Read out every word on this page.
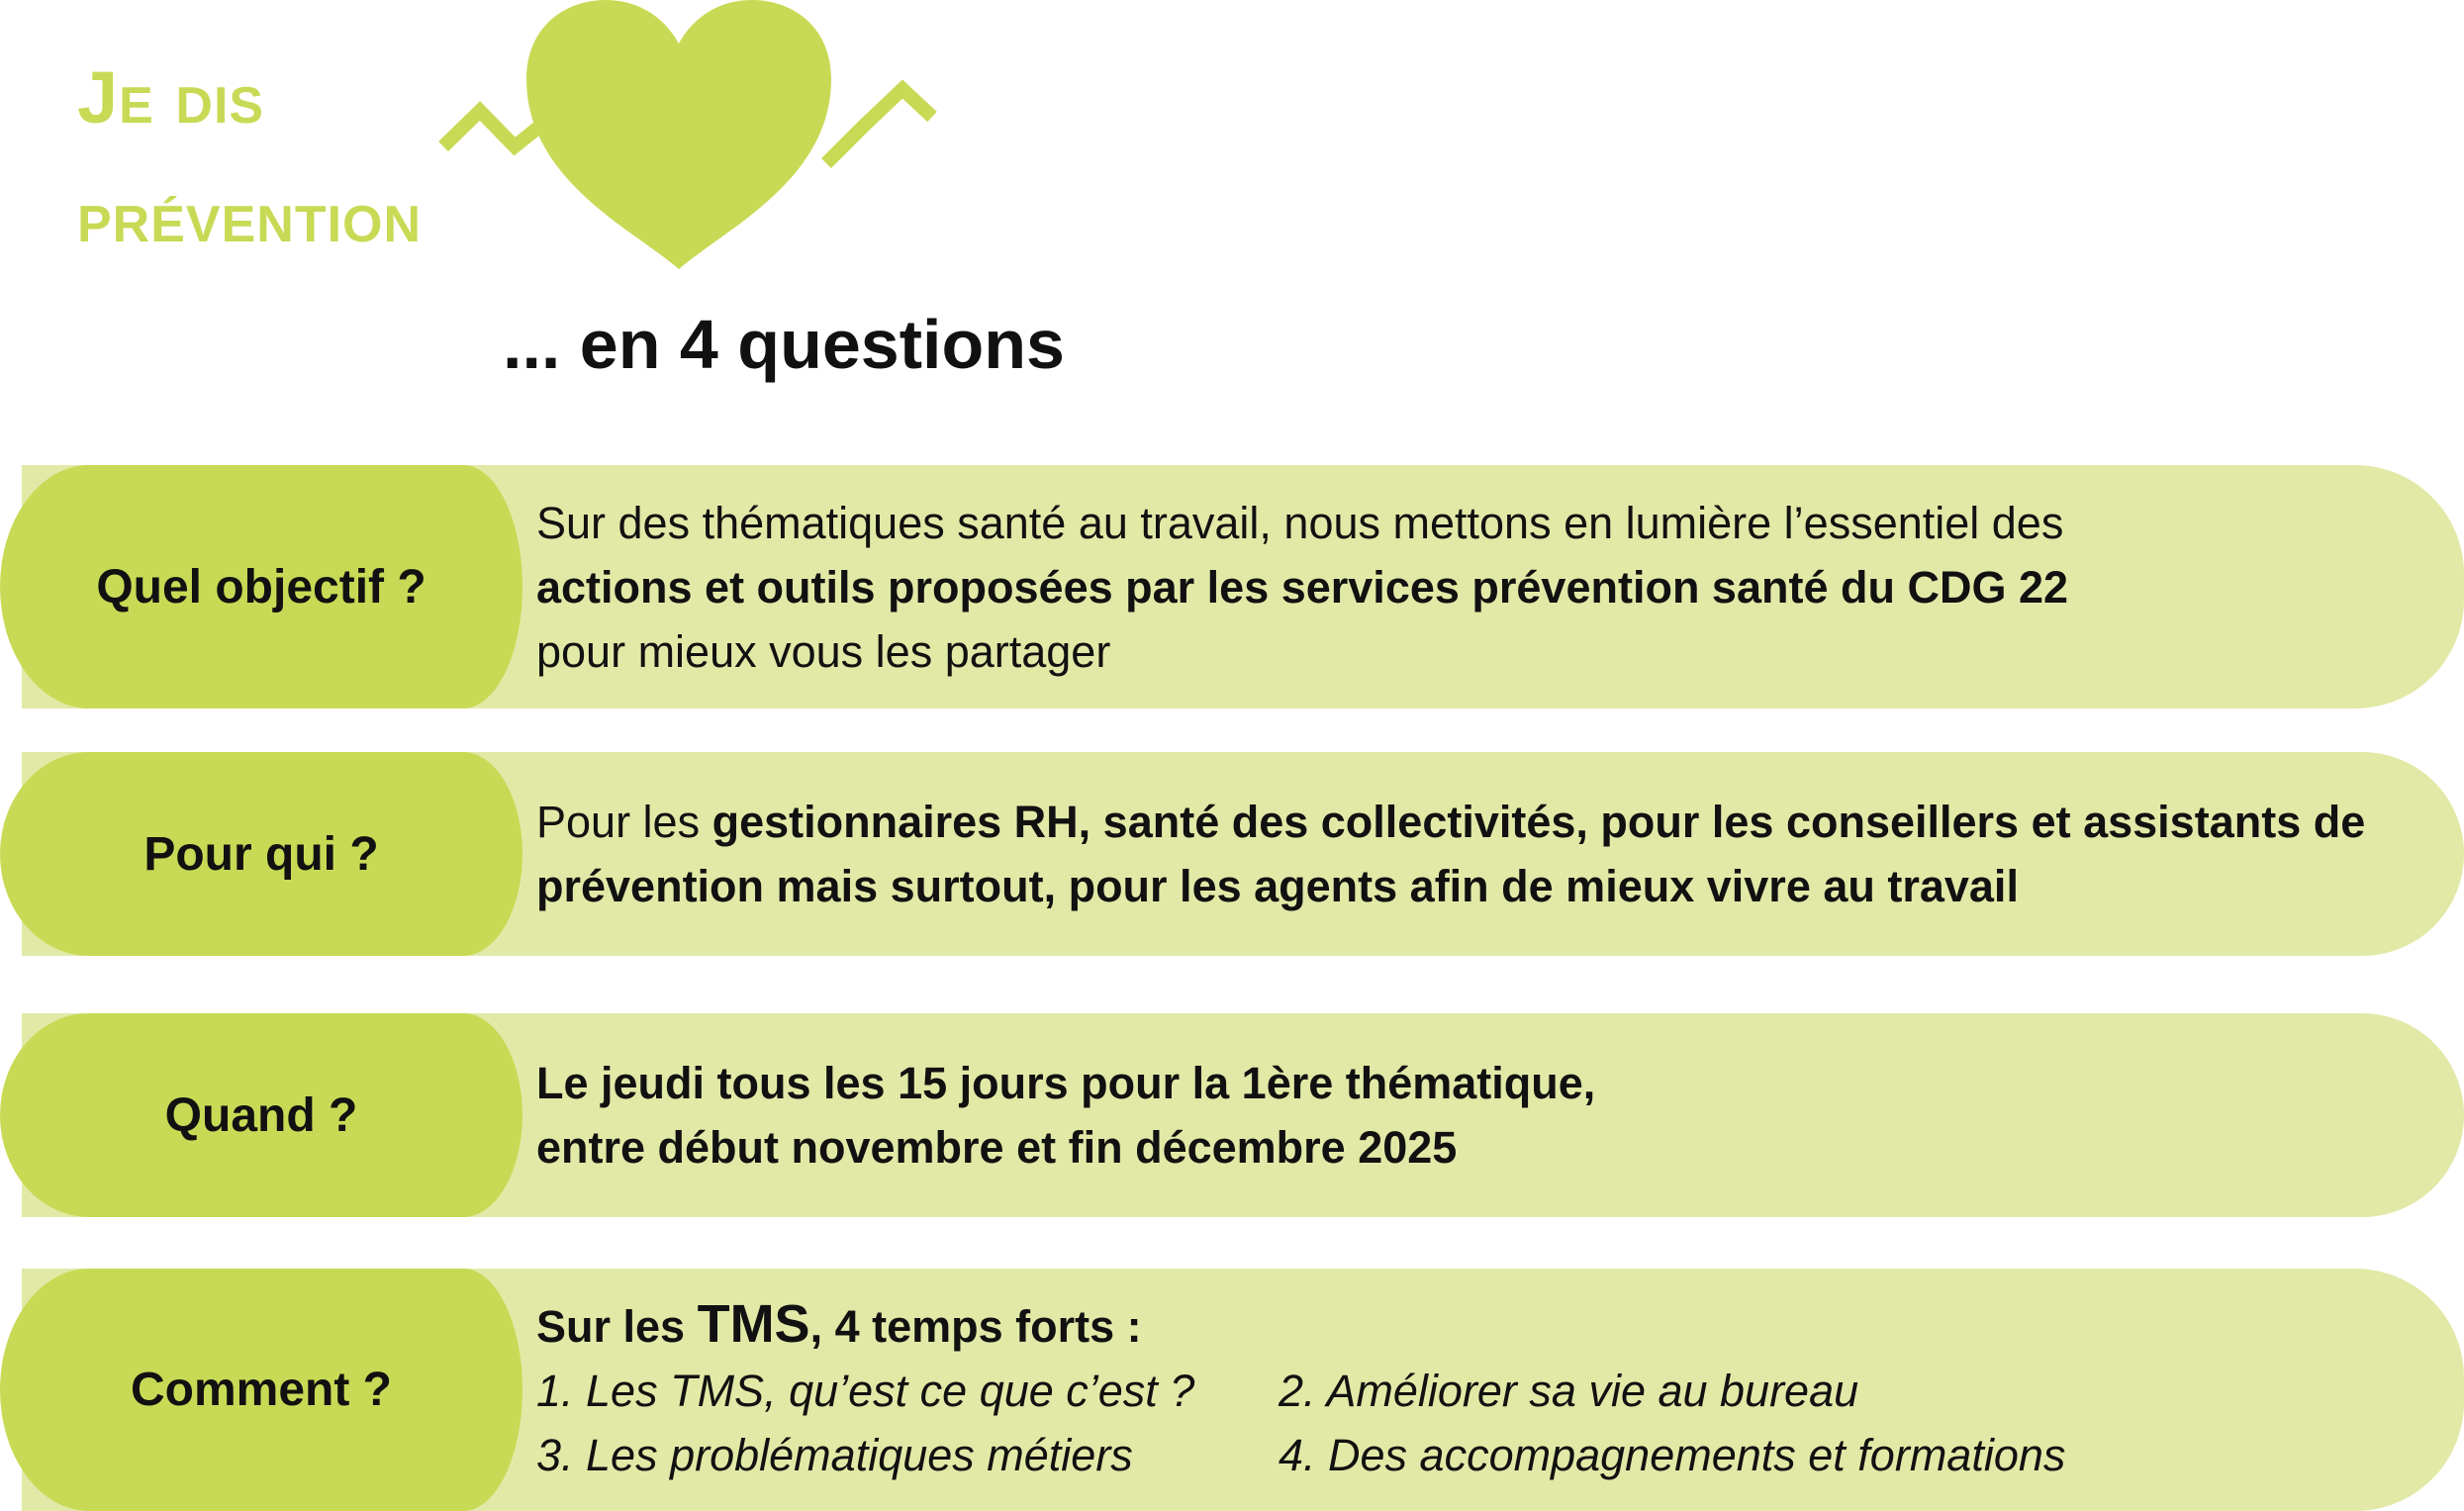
Je dis
prévention
... en 4 questions
Quel objectif ?
Sur des thématiques santé au travail, nous mettons en lumière l’essentiel des
actions et outils proposées par les services prévention santé du CDG 22
pour mieux vous les partager
Pour qui ?
Pour les gestionnaires RH, santé des collectivités, pour les conseillers et assistants de
prévention mais surtout, pour les agents afin de mieux vivre au travail
Quand ?
Le jeudi tous les 15 jours pour la 1ère thématique,
entre début novembre et fin décembre 2025
Comment ?
Sur les TMS, 4 temps forts :
1. Les TMS, qu’est ce que c’est ?	2. Améliorer sa vie au bureau
3. Les problématiques métiers	4. Des accompagnements et formations
